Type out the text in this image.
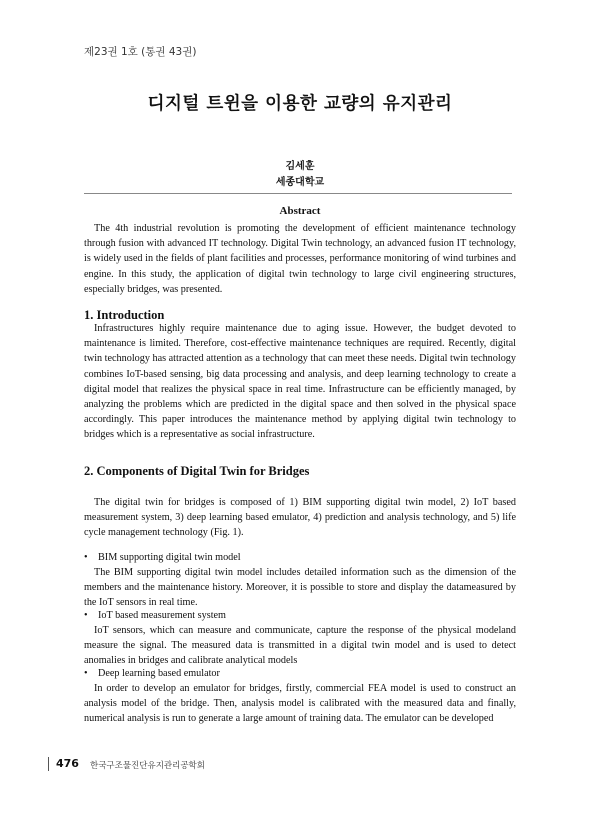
제23권 1호 (통권 43권)
디지털 트윈을 이용한 교량의 유지관리
김세훈
세종대학교
Abstract
The 4th industrial revolution is promoting the development of efficient maintenance technology through fusion with advanced IT technology. Digital Twin technology, an advanced fusion IT technology, is widely used in the fields of plant facilities and processes, performance monitoring of wind turbines and engine. In this study, the application of digital twin technology to large civil engineering structures, especially bridges, was presented.
1. Introduction
Infrastructures highly require maintenance due to aging issue. However, the budget devoted to maintenance is limited. Therefore, cost-effective maintenance techniques are required. Recently, digital twin technology has attracted attention as a technology that can meet these needs. Digital twin technology combines IoT-based sensing, big data processing and analysis, and deep learning technology to create a digital model that realizes the physical space in real time. Infrastructure can be efficiently managed, by analyzing the problems which are predicted in the digital space and then solved in the physical space accordingly. This paper introduces the maintenance method by applying digital twin technology to bridges which is a representative as social infrastructure.
2. Components of Digital Twin for Bridges
The digital twin for bridges is composed of 1) BIM supporting digital twin model, 2) IoT based measurement system, 3) deep learning based emulator, 4) prediction and analysis technology, and 5) life cycle management technology (Fig. 1).
• BIM supporting digital twin model
The BIM supporting digital twin model includes detailed information such as the dimension of the members and the maintenance history. Moreover, it is possible to store and display the datameasured by the IoT sensors in real time.
• IoT based measurement system
IoT sensors, which can measure and communicate, capture the response of the physical modeland measure the signal. The measured data is transmitted in a digital twin model and is used to detect anomalies in bridges and calibrate analytical models
• Deep learning based emulator
In order to develop an emulator for bridges, firstly, commercial FEA model is used to construct an analysis model of the bridge. Then, analysis model is calibrated with the measured data and finally, numerical analysis is run to generate a large amount of training data. The emulator can be developed
476 한국구조물진단유지관리공학회
